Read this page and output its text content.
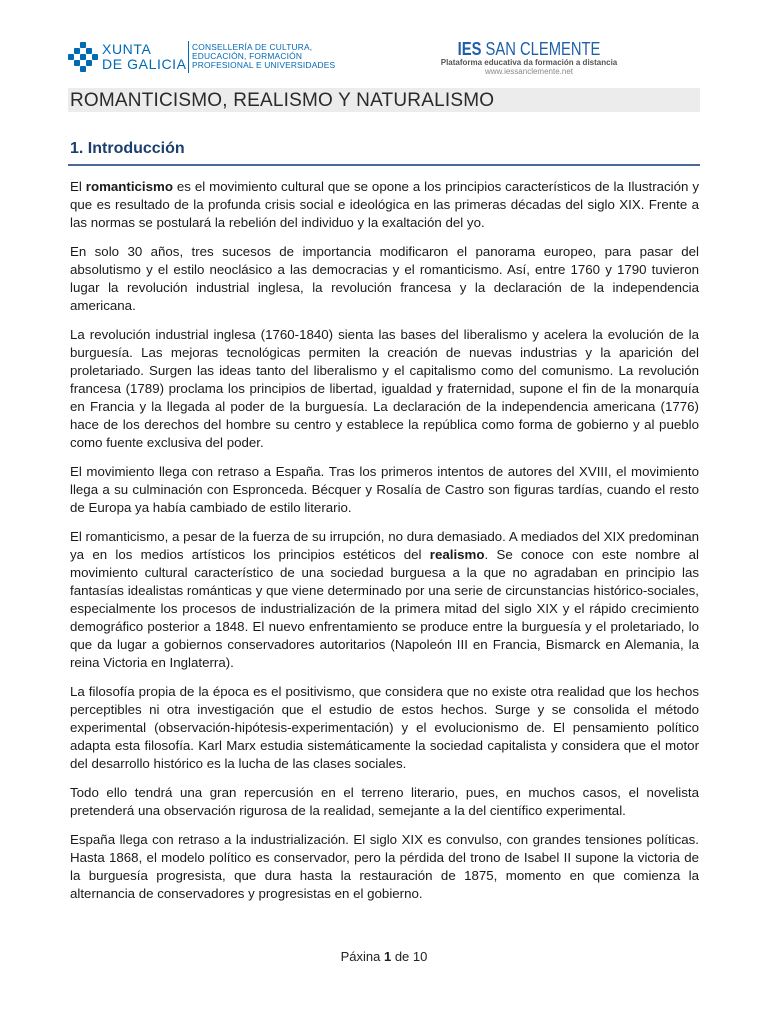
XUNTA
DE GALICIA
CONSELLERÍA DE CULTURA,
EDUCACIÓN, FORMACIÓN
PROFESIONAL E UNIVERSIDADES
IES SAN CLEMENTE
Plataforma educativa da formación a distancia
www.iessanclemente.net
ROMANTICISMO, REALISMO Y NATURALISMO
1. Introducción

El romanticismo es el movimiento cultural que se opone a los principios característicos de la Ilustración y que es resultado de la profunda crisis social e ideológica en las primeras décadas del siglo XIX. Frente a las normas se postulará la rebelión del individuo y la exaltación del yo.

En solo 30 años, tres sucesos de importancia modificaron el panorama europeo, para pasar del absolutismo y el estilo neoclásico a las democracias y el romanticismo. Así, entre 1760 y 1790 tuvieron lugar la revolución industrial inglesa, la revolución francesa y la declaración de la independencia americana.

La revolución industrial inglesa (1760-1840) sienta las bases del liberalismo y acelera la evolución de la burguesía. Las mejoras tecnológicas permiten la creación de nuevas industrias y la aparición del proletariado. Surgen las ideas tanto del liberalismo y el capitalismo como del comunismo. La revolución francesa (1789) proclama los principios de libertad, igualdad y fraternidad, supone el fin de la monarquía en Francia y la llegada al poder de la burguesía. La declaración de la independencia americana (1776) hace de los derechos del hombre su centro y establece la república como forma de gobierno y al pueblo como fuente exclusiva del poder.

El movimiento llega con retraso a España. Tras los primeros intentos de autores del XVIII, el movimiento llega a su culminación con Espronceda. Bécquer y Rosalía de Castro son figuras tardías, cuando el resto de Europa ya había cambiado de estilo literario.

El romanticismo, a pesar de la fuerza de su irrupción, no dura demasiado. A mediados del XIX predominan ya en los medios artísticos los principios estéticos del realismo. Se conoce con este nombre al movimiento cultural característico de una sociedad burguesa a la que no agradaban en principio las fantasías idealistas románticas y que viene determinado por una serie de circunstancias histórico-sociales, especialmente los procesos de industrialización de la primera mitad del siglo XIX y el rápido crecimiento demográfico posterior a 1848. El nuevo enfrentamiento se produce entre la burguesía y el proletariado, lo que da lugar a gobiernos conservadores autoritarios (Napoleón III en Francia, Bismarck en Alemania, la reina Victoria en Inglaterra).

La filosofía propia de la época es el positivismo, que considera que no existe otra realidad que los hechos perceptibles ni otra investigación que el estudio de estos hechos. Surge y se consolida el método experimental (observación-hipótesis-experimentación) y el evolucionismo de. El pensamiento político adapta esta filosofía. Karl Marx estudia sistemáticamente la sociedad capitalista y considera que el motor del desarrollo histórico es la lucha de las clases sociales.

Todo ello tendrá una gran repercusión en el terreno literario, pues, en muchos casos, el novelista pretenderá una observación rigurosa de la realidad, semejante a la del científico experimental.

España llega con retraso a la industrialización. El siglo XIX es convulso, con grandes tensiones políticas. Hasta 1868, el modelo político es conservador, pero la pérdida del trono de Isabel II supone la victoria de la burguesía progresista, que dura hasta la restauración de 1875, momento en que comienza la alternancia de conservadores y progresistas en el gobierno.

Páxina 1 de 10
